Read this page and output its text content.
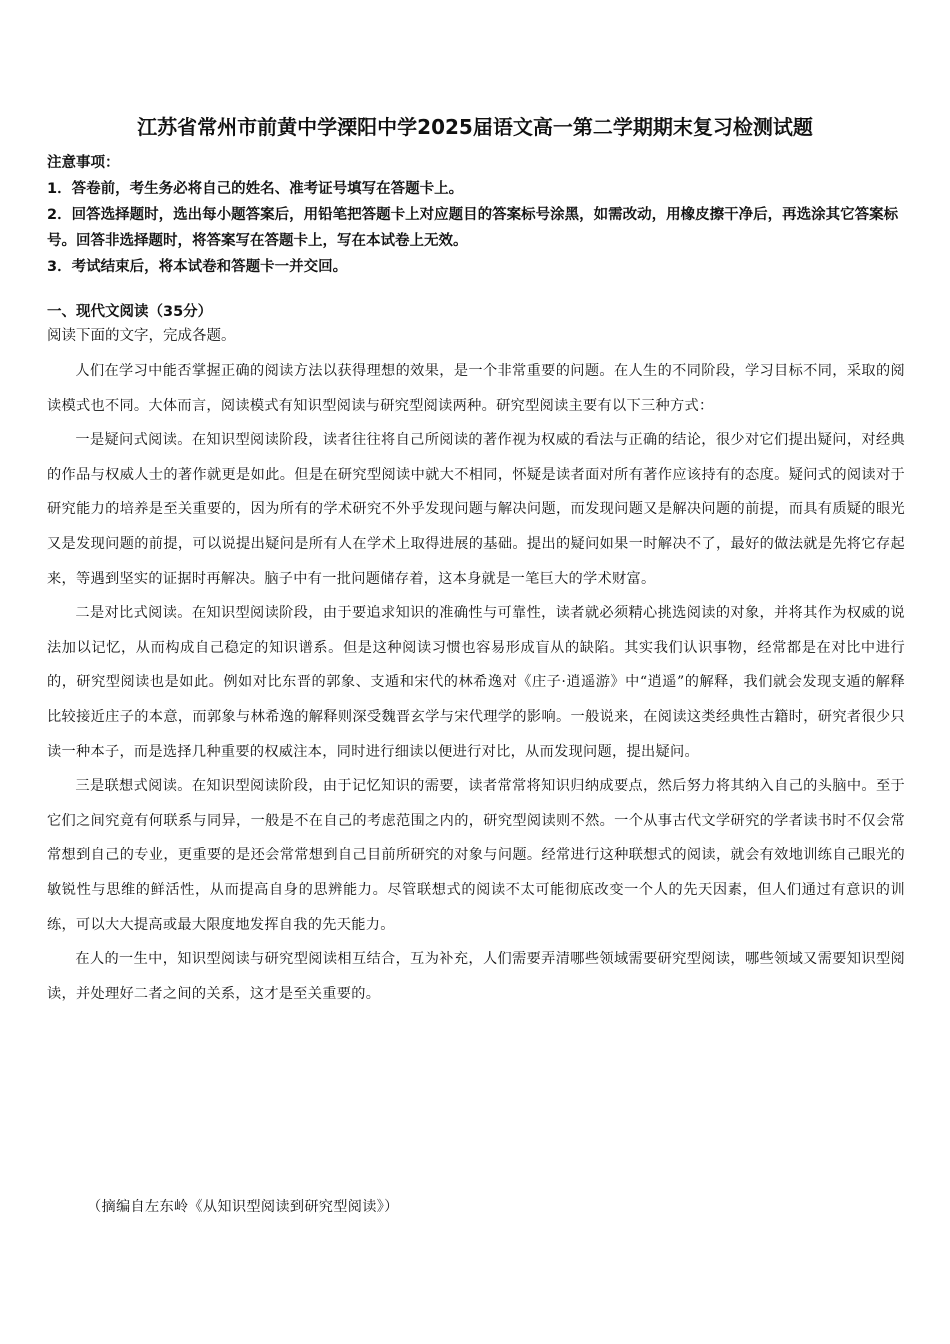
江苏省常州市前黄中学溧阳中学2025届语文高一第二学期期末复习检测试题

注意事项：

1．答卷前，考生务必将自己的姓名、准考证号填写在答题卡上。

2．回答选择题时，选出每小题答案后，用铅笔把答题卡上对应题目的答案标号涂黑，如需改动，用橡皮擦干净后，再选涂其它答案标号。回答非选择题时，将答案写在答题卡上，写在本试卷上无效。

3．考试结束后，将本试卷和答题卡一并交回。

一、现代文阅读（35分）

阅读下面的文字，完成各题。

人们在学习中能否掌握正确的阅读方法以获得理想的效果，是一个非常重要的问题。在人生的不同阶段，学习目标不同，采取的阅读模式也不同。大体而言，阅读模式有知识型阅读与研究型阅读两种。研究型阅读主要有以下三种方式：

一是疑问式阅读。在知识型阅读阶段，读者往往将自己所阅读的著作视为权威的看法与正确的结论，很少对它们提出疑问，对经典的作品与权威人士的著作就更是如此。但是在研究型阅读中就大不相同，怀疑是读者面对所有著作应该持有的态度。疑问式的阅读对于研究能力的培养是至关重要的，因为所有的学术研究不外乎发现问题与解决问题，而发现问题又是解决问题的前提，而具有质疑的眼光又是发现问题的前提，可以说提出疑问是所有人在学术上取得进展的基础。提出的疑问如果一时解决不了，最好的做法就是先将它存起来，等遇到坚实的证据时再解决。脑子中有一批问题储存着，这本身就是一笔巨大的学术财富。

二是对比式阅读。在知识型阅读阶段，由于要追求知识的准确性与可靠性，读者就必须精心挑选阅读的对象，并将其作为权威的说法加以记忆，从而构成自己稳定的知识谱系。但是这种阅读习惯也容易形成盲从的缺陷。其实我们认识事物，经常都是在对比中进行的，研究型阅读也是如此。例如对比东晋的郭象、支遁和宋代的林希逸对《庄子·逍遥游》中“逍遥”的解释，我们就会发现支遁的解释比较接近庄子的本意，而郭象与林希逸的解释则深受魏晋玄学与宋代理学的影响。一般说来，在阅读这类经典性古籍时，研究者很少只读一种本子，而是选择几种重要的权威注本，同时进行细读以便进行对比，从而发现问题，提出疑问。

三是联想式阅读。在知识型阅读阶段，由于记忆知识的需要，读者常常将知识归纳成要点，然后努力将其纳入自己的头脑中。至于它们之间究竟有何联系与同异，一般是不在自己的考虑范围之内的，研究型阅读则不然。一个从事古代文学研究的学者读书时不仅会常常想到自己的专业，更重要的是还会常常想到自己目前所研究的对象与问题。经常进行这种联想式的阅读，就会有效地训练自己眼光的敏锐性与思维的鲜活性，从而提高自身的思辨能力。尽管联想式的阅读不太可能彻底改变一个人的先天因素，但人们通过有意识的训练，可以大大提高或最大限度地发挥自我的先天能力。

在人的一生中，知识型阅读与研究型阅读相互结合，互为补充，人们需要弄清哪些领域需要研究型阅读，哪些领域又需要知识型阅读，并处理好二者之间的关系，这才是至关重要的。

（摘编自左东岭《从知识型阅读到研究型阅读》）
